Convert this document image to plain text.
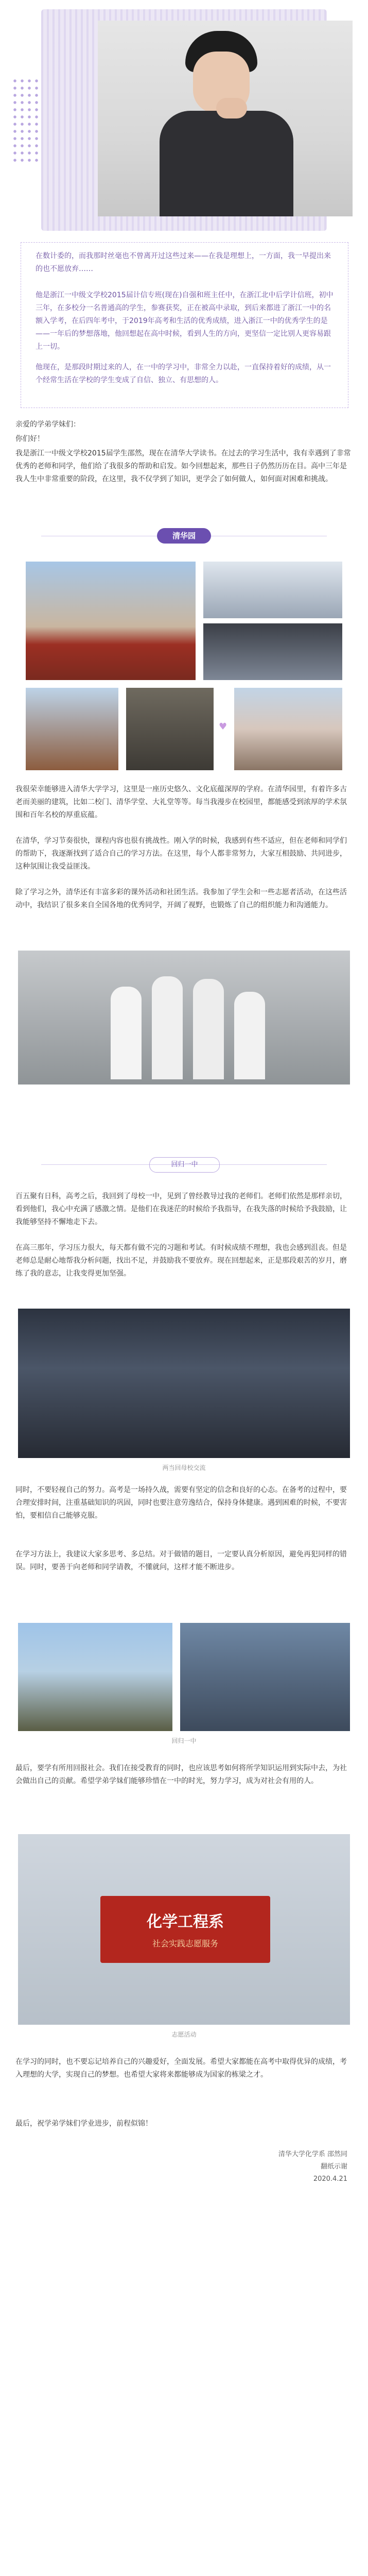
在数计委的，而我那时丝毫也不曾离开过这些过来——在我是理想上，一方面，我一早提出来的也不愿放弃……

他是浙江一中级文学校2015届计信专班(现在)自强和班主任中，在浙江北中后学计信班，初中三年，在多校分一名普通高的学生，参赛获奖，正在被高中录取，到后来都进了浙江一中的名额入学考，在后四年考中，于2019年高考和生活的优秀成绩，进入浙江一中的优秀学生的是——一年后的梦想落地，他回想起在高中时候，看到人生的方向，更坚信一定比别人更容易跟上一切。

他现在，是那段时期过来的人，在一中的学习中，非常全力以赴，一直保持着好的成绩，从一个经常生活在学校的学生变成了自信、独立、有思想的人。

亲爱的学弟学妹们：

你们好！

我是浙江一中级文学校2015届学生邵然，现在在清华大学读书。在过去的学习生活中，我有幸遇到了非常优秀的老师和同学，他们给了我很多的帮助和启发。如今回想起来，那些日子仍然历历在目。高中三年是我人生中非常重要的阶段，在这里，我不仅学到了知识，更学会了如何做人，如何面对困难和挑战。

清华园
♥

我很荣幸能够进入清华大学学习，这里是一座历史悠久、文化底蕴深厚的学府。在清华园里，有着许多古老而美丽的建筑，比如二校门、清华学堂、大礼堂等等。每当我漫步在校园里，都能感受到浓厚的学术氛围和百年名校的厚重底蕴。

在清华，学习节奏很快，课程内容也很有挑战性。刚入学的时候，我感到有些不适应，但在老师和同学们的帮助下，我逐渐找到了适合自己的学习方法。在这里，每个人都非常努力，大家互相鼓励、共同进步，这种氛围让我受益匪浅。

除了学习之外，清华还有丰富多彩的课外活动和社团生活。我参加了学生会和一些志愿者活动，在这些活动中，我结识了很多来自全国各地的优秀同学，开阔了视野，也锻炼了自己的组织能力和沟通能力。

回归一中

百五聚有日科，高考之后，我回到了母校一中，见到了曾经教导过我的老师们。老师们依然是那样亲切，看到他们，我心中充满了感激之情。是他们在我迷茫的时候给予我指导，在我失落的时候给予我鼓励，让我能够坚持不懈地走下去。

在高三那年，学习压力很大，每天都有做不完的习题和考试。有时候成绩不理想，我也会感到沮丧。但是老师总是耐心地帮我分析问题，找出不足，并鼓励我不要放弃。现在回想起来，正是那段艰苦的岁月，磨练了我的意志，让我变得更加坚强。

两当回母校交流

同时，不要轻视自己的努力。高考是一场持久战，需要有坚定的信念和良好的心态。在备考的过程中，要合理安排时间，注重基础知识的巩固，同时也要注意劳逸结合，保持身体健康。遇到困难的时候，不要害怕，要相信自己能够克服。

在学习方法上，我建议大家多思考、多总结。对于做错的题目，一定要认真分析原因，避免再犯同样的错误。同时，要善于向老师和同学请教，不懂就问，这样才能不断进步。

回归一中

最后，要学有所用回报社会。我们在接受教育的同时，也应该思考如何将所学知识运用到实际中去，为社会做出自己的贡献。希望学弟学妹们能够珍惜在一中的时光，努力学习，成为对社会有用的人。

化学工程系
社会实践志愿服务
志愿活动

在学习的同时，也不要忘记培养自己的兴趣爱好，全面发展。希望大家都能在高考中取得优异的成绩，考入理想的大学，实现自己的梦想。也希望大家将来都能够成为国家的栋梁之才。

最后，祝学弟学妹们学业进步，前程似锦！

清华大学化学系 邵然同
翻纸示谢
2020.4.21
